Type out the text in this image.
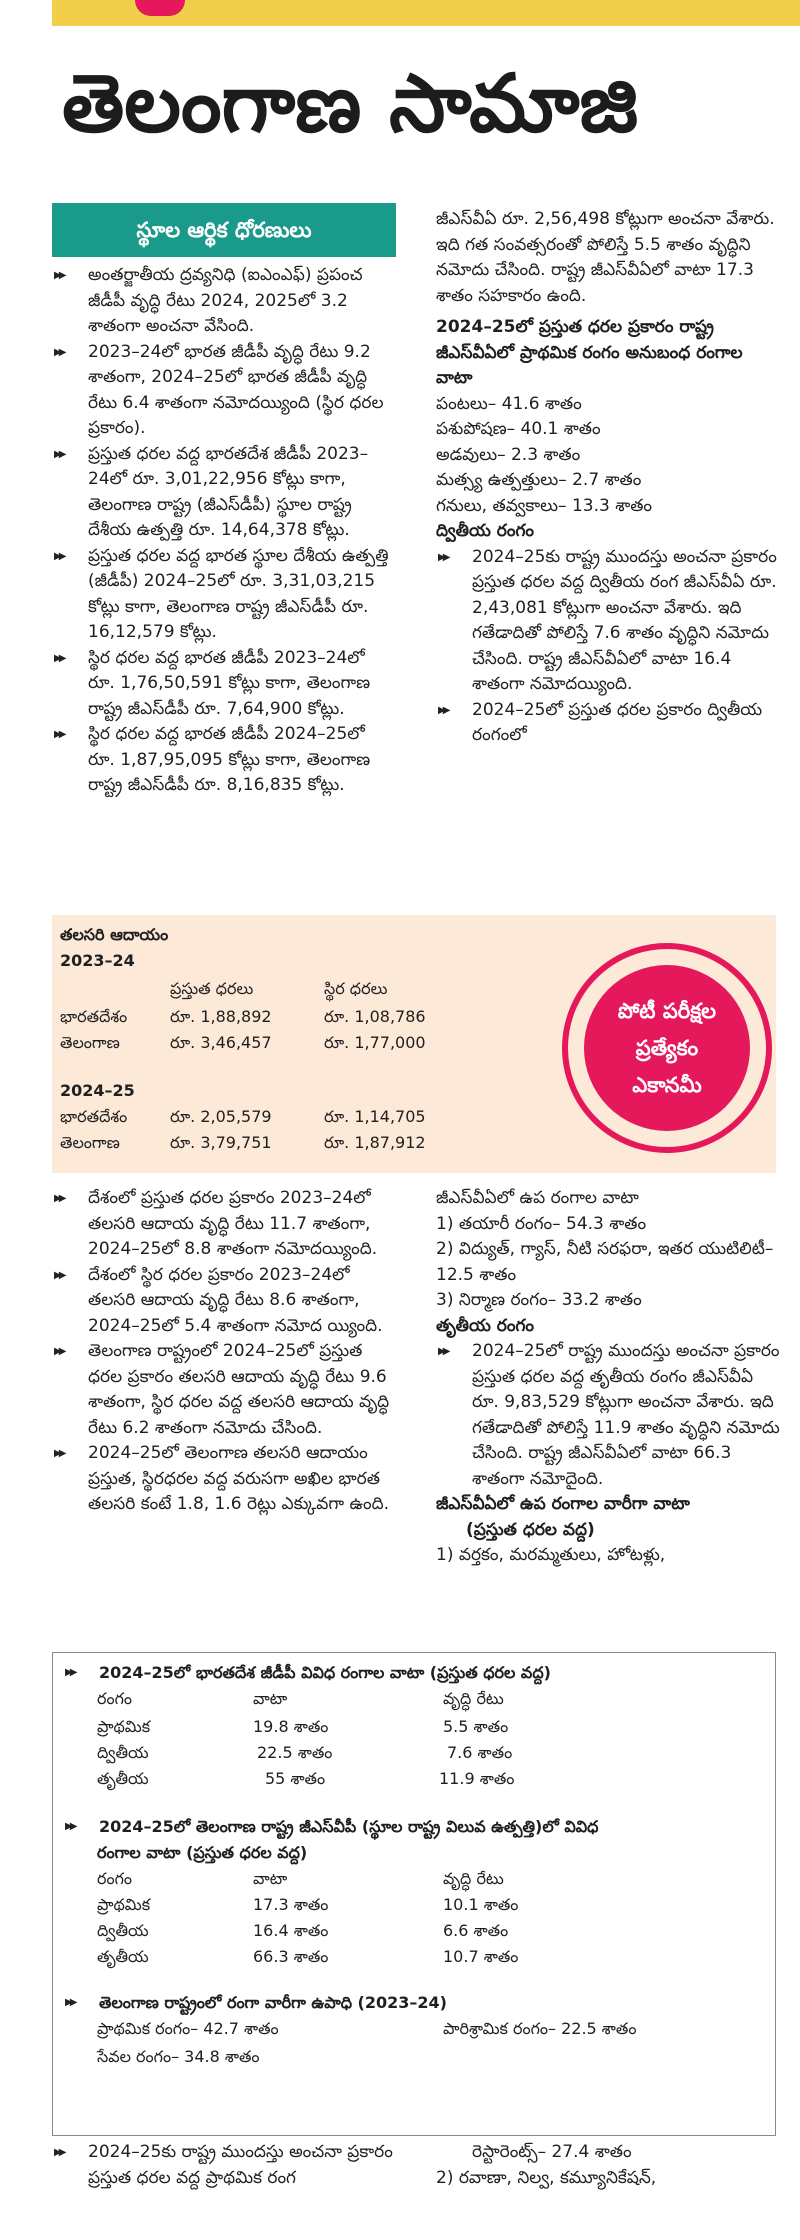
తెలంగాణ సామాజి
స్థూల ఆర్థిక ధోరణులు

▶▶ అంతర్జాతీయ ద్రవ్యనిధి (ఐఎంఎఫ్) ప్రపంచ జీడీపీ వృద్ధి రేటు 2024, 2025లో 3.2 శాతంగా అంచనా వేసింది.

▶▶ 2023–24లో భారత జీడీపీ వృద్ధి రేటు 9.2 శాతంగా, 2024–25లో భారత జీడీపీ వృద్ధి రేటు 6.4 శాతంగా నమోదయ్యింది (స్థిర ధరల ప్రకారం).

▶▶ ప్రస్తుత ధరల వద్ద భారతదేశ జీడీపీ 2023–24లో రూ. 3,01,22,956 కోట్లు కాగా, తెలంగాణ రాష్ట్ర (జీఎస్‌డీపీ) స్థూల రాష్ట్ర దేశీయ ఉత్పత్తి రూ. 14,64,378 కోట్లు.

▶▶ ప్రస్తుత ధరల వద్ద భారత స్థూల దేశీయ ఉత్పత్తి (జీడీపీ) 2024–25లో రూ. 3,31,03,215 కోట్లు కాగా, తెలంగాణ రాష్ట్ర జీఎస్‌డీపీ రూ. 16,12,579 కోట్లు.

▶▶ స్థిర ధరల వద్ద భారత జీడీపీ 2023–24లో రూ. 1,76,50,591 కోట్లు కాగా, తెలంగాణ రాష్ట్ర జీఎస్‌డీపీ రూ. 7,64,900 కోట్లు.

▶▶ స్థిర ధరల వద్ద భారత జీడీపీ 2024–25లో రూ. 1,87,95,095 కోట్లు కాగా, తెలంగాణ రాష్ట్ర జీఎస్‌డీపీ రూ. 8,16,835 కోట్లు.

జీఎస్‌వీఏ రూ. 2,56,498 కోట్లుగా అంచనా వేశారు. ఇది గత సంవత్సరంతో పోలిస్తే 5.5 శాతం వృద్ధిని నమోదు చేసింది. రాష్ట్ర జీఎస్‌వీఏలో వాటా 17.3 శాతం సహకారం ఉంది.

2024–25లో ప్రస్తుత ధరల ప్రకారం రాష్ట్ర జీఎస్‌వీఏలో ప్రాథమిక రంగం అనుబంధ రంగాల వాటా

పంటలు– 41.6 శాతం

పశుపోషణ– 40.1 శాతం

అడవులు– 2.3 శాతం

మత్స్య ఉత్పత్తులు– 2.7 శాతం

గనులు, తవ్వకాలు– 13.3 శాతం

ద్వితీయ రంగం

▶▶ 2024–25కు రాష్ట్ర ముందస్తు అంచనా ప్రకారం ప్రస్తుత ధరల వద్ద ద్వితీయ రంగ జీఎస్‌వీఏ రూ. 2,43,081 కోట్లుగా అంచనా వేశారు. ఇది గతేడాదితో పోలిస్తే 7.6 శాతం వృద్ధిని నమోదు చేసింది. రాష్ట్ర జీఎస్‌వీఏలో వాటా 16.4 శాతంగా నమోదయ్యింది.

▶▶ 2024–25లో ప్రస్తుత ధరల ప్రకారం ద్వితీయ రంగంలో

తలసరి ఆదాయం
2023–24
ప్రస్తుత ధరలు	స్థిర ధరలు
భారతదేశం	రూ. 1,88,892	రూ. 1,08,786
తెలంగాణ	రూ. 3,46,457	రూ. 1,77,000
2024–25
భారతదేశం	రూ. 2,05,579	రూ. 1,14,705
తెలంగాణ	రూ. 3,79,751	రూ. 1,87,912
పోటీ పరీక్షల
ప్రత్యేకం
ఎకానమీ

▶▶ దేశంలో ప్రస్తుత ధరల ప్రకారం 2023–24లో తలసరి ఆదాయ వృద్ధి రేటు 11.7 శాతంగా, 2024–25లో 8.8 శాతంగా నమోదయ్యింది.

▶▶ దేశంలో స్థిర ధరల ప్రకారం 2023–24లో తలసరి ఆదాయ వృద్ధి రేటు 8.6 శాతంగా, 2024–25లో 5.4 శాతంగా నమోద య్యింది.

▶▶ తెలంగాణ రాష్ట్రంలో 2024–25లో ప్రస్తుత ధరల ప్రకారం తలసరి ఆదాయ వృద్ధి రేటు 9.6 శాతంగా, స్థిర ధరల వద్ద తలసరి ఆదాయ వృద్ధి రేటు 6.2 శాతంగా నమోదు చేసింది.

▶▶ 2024–25లో తెలంగాణ తలసరి ఆదాయం ప్రస్తుత, స్థిరధరల వద్ద వరుసగా అఖిల భారత తలసరి కంటే 1.8, 1.6 రెట్లు ఎక్కువగా ఉంది.

జీఎస్‌వీఏలో ఉప రంగాల వాటా

1) తయారీ రంగం– 54.3 శాతం

2) విద్యుత్, గ్యాస్, నీటి సరఫరా, ఇతర యుటిలిటీ– 12.5 శాతం

3) నిర్మాణ రంగం– 33.2 శాతం

తృతీయ రంగం

▶▶ 2024–25లో రాష్ట్ర ముందస్తు అంచనా ప్రకారం ప్రస్తుత ధరల వద్ద తృతీయ రంగం జీఎస్‌వీఏ రూ. 9,83,529 కోట్లుగా అంచనా వేశారు. ఇది గతేడాదితో పోలిస్తే 11.9 శాతం వృద్ధిని నమోదు చేసింది. రాష్ట్ర జీఎస్‌వీఏలో వాటా 66.3 శాతంగా నమోదైంది.

జీఎస్‌వీఏలో ఉప రంగాల వారీగా వాటా

(ప్రస్తుత ధరల వద్ద)

1) వర్తకం, మరమ్మతులు, హోటళ్లు,

▶▶ 2024–25లో భారతదేశ జీడీపీ వివిధ రంగాల వాటా (ప్రస్తుత ధరల వద్ద)
రంగం	వాటా	వృద్ధి రేటు
ప్రాథమిక	19.8 శాతం	5.5 శాతం
ద్వితీయ	22.5 శాతం	7.6 శాతం
తృతీయ	55 శాతం	11.9 శాతం
▶▶ 2024–25లో తెలంగాణ రాష్ట్ర జీఎస్‌వీపీ (స్థూల రాష్ట్ర విలువ ఉత్పత్తి)లో వివిధ
రంగాల వాటా (ప్రస్తుత ధరల వద్ద)
రంగం	వాటా	వృద్ధి రేటు
ప్రాథమిక	17.3 శాతం	10.1 శాతం
ద్వితీయ	16.4 శాతం	6.6 శాతం
తృతీయ	66.3 శాతం	10.7 శాతం
▶▶ తెలంగాణ రాష్ట్రంలో రంగా వారీగా ఉపాధి (2023–24)
ప్రాథమిక రంగం– 42.7 శాతం	పారిశ్రామిక రంగం– 22.5 శాతం
సేవల రంగం– 34.8 శాతం

▶▶ 2024–25కు రాష్ట్ర ముందస్తు అంచనా ప్రకారం ప్రస్తుత ధరల వద్ద ప్రాథమిక రంగ

రెస్టారెంట్స్‌– 27.4 శాతం

2) రవాణా, నిల్వ, కమ్యూనికేషన్,
